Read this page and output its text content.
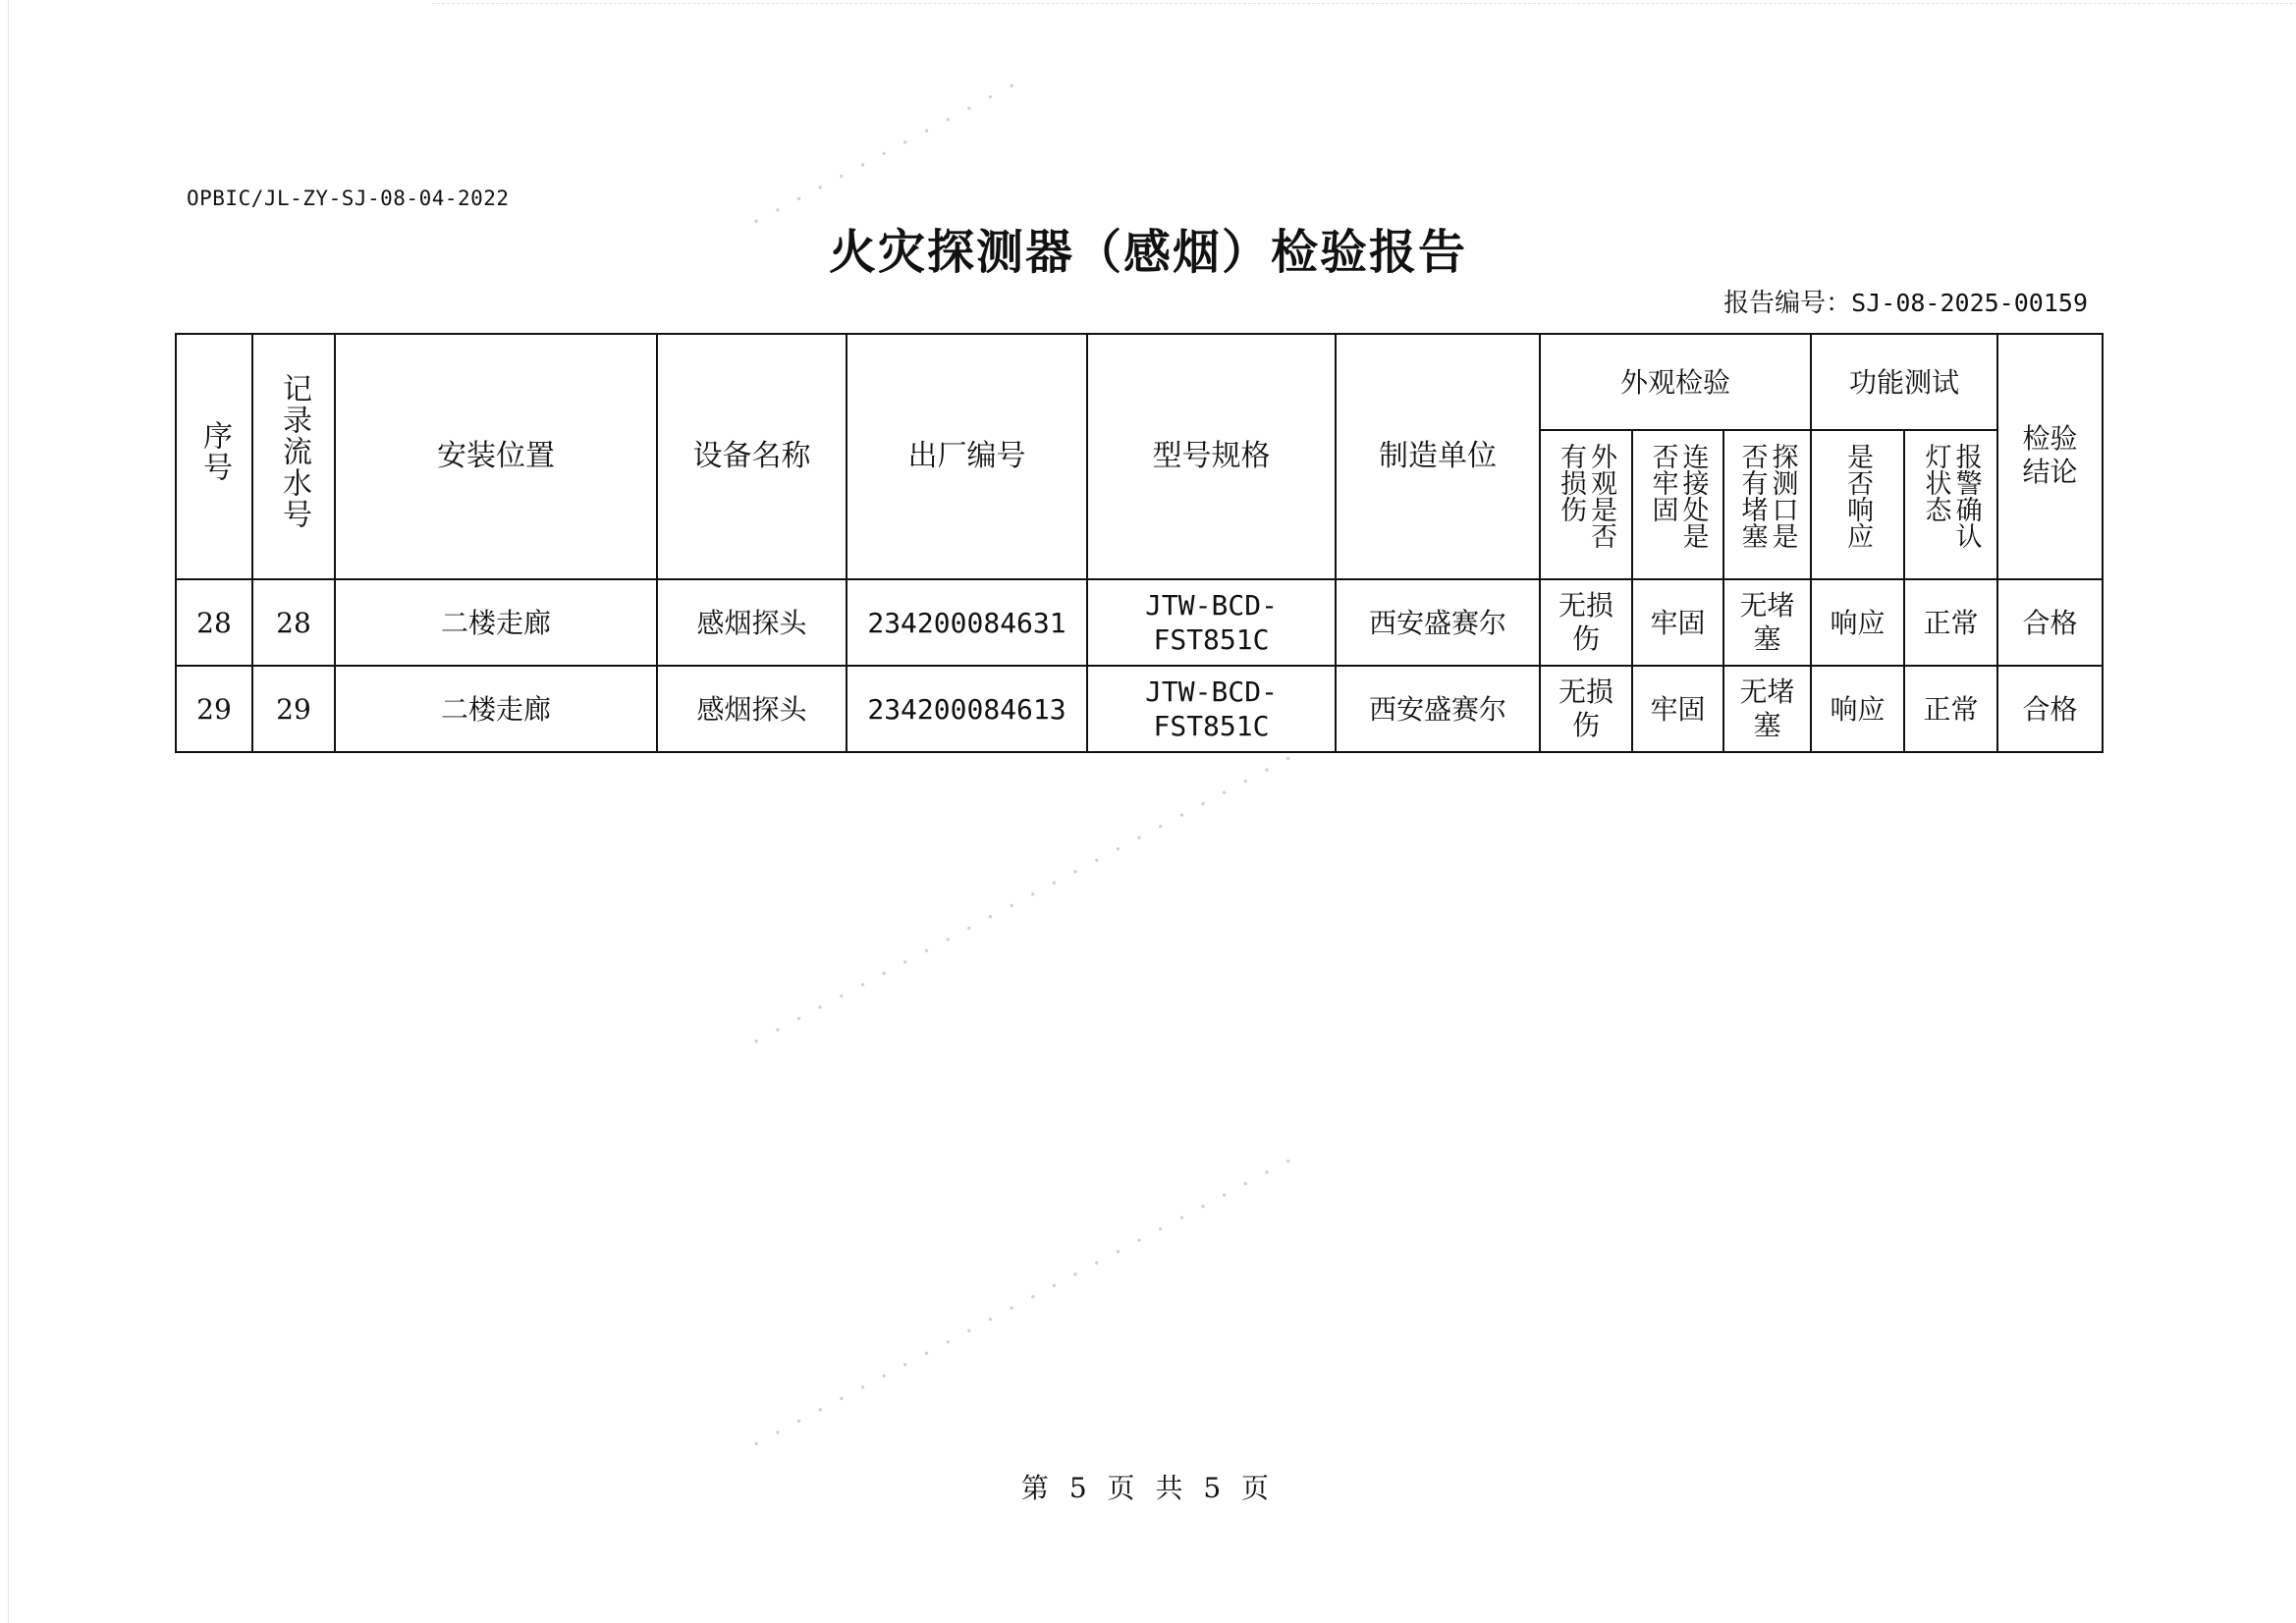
· · · · · · · · · · · · ·
· · · · · · · · · · · · · · · · · · · · · · · · · ·
· · · · · · · · · · · · · · · · · · · · · · · · · ·
OPBIC/JL-ZY-SJ-08-04-2022
火灾探测器（感烟）检验报告
报告编号：SJ-08-2025-00159
序号	记录流水号	安装位置	设备名称	出厂编号	型号规格	制造单位	外观检验			功能测试		检验结论
							外观是否有损伤	连接处是否牢固	探测口是否有堵塞	是否响应	报警确认灯状态	
28	28	二楼走廊	感烟探头	234200084631	JTW-BCD-FST851C	西安盛赛尔	无损伤	牢固	无堵塞	响应	正常	合格
29	29	二楼走廊	感烟探头	234200084613	JTW-BCD-FST851C	西安盛赛尔	无损伤	牢固	无堵塞	响应	正常	合格
第 5 页 共 5 页
